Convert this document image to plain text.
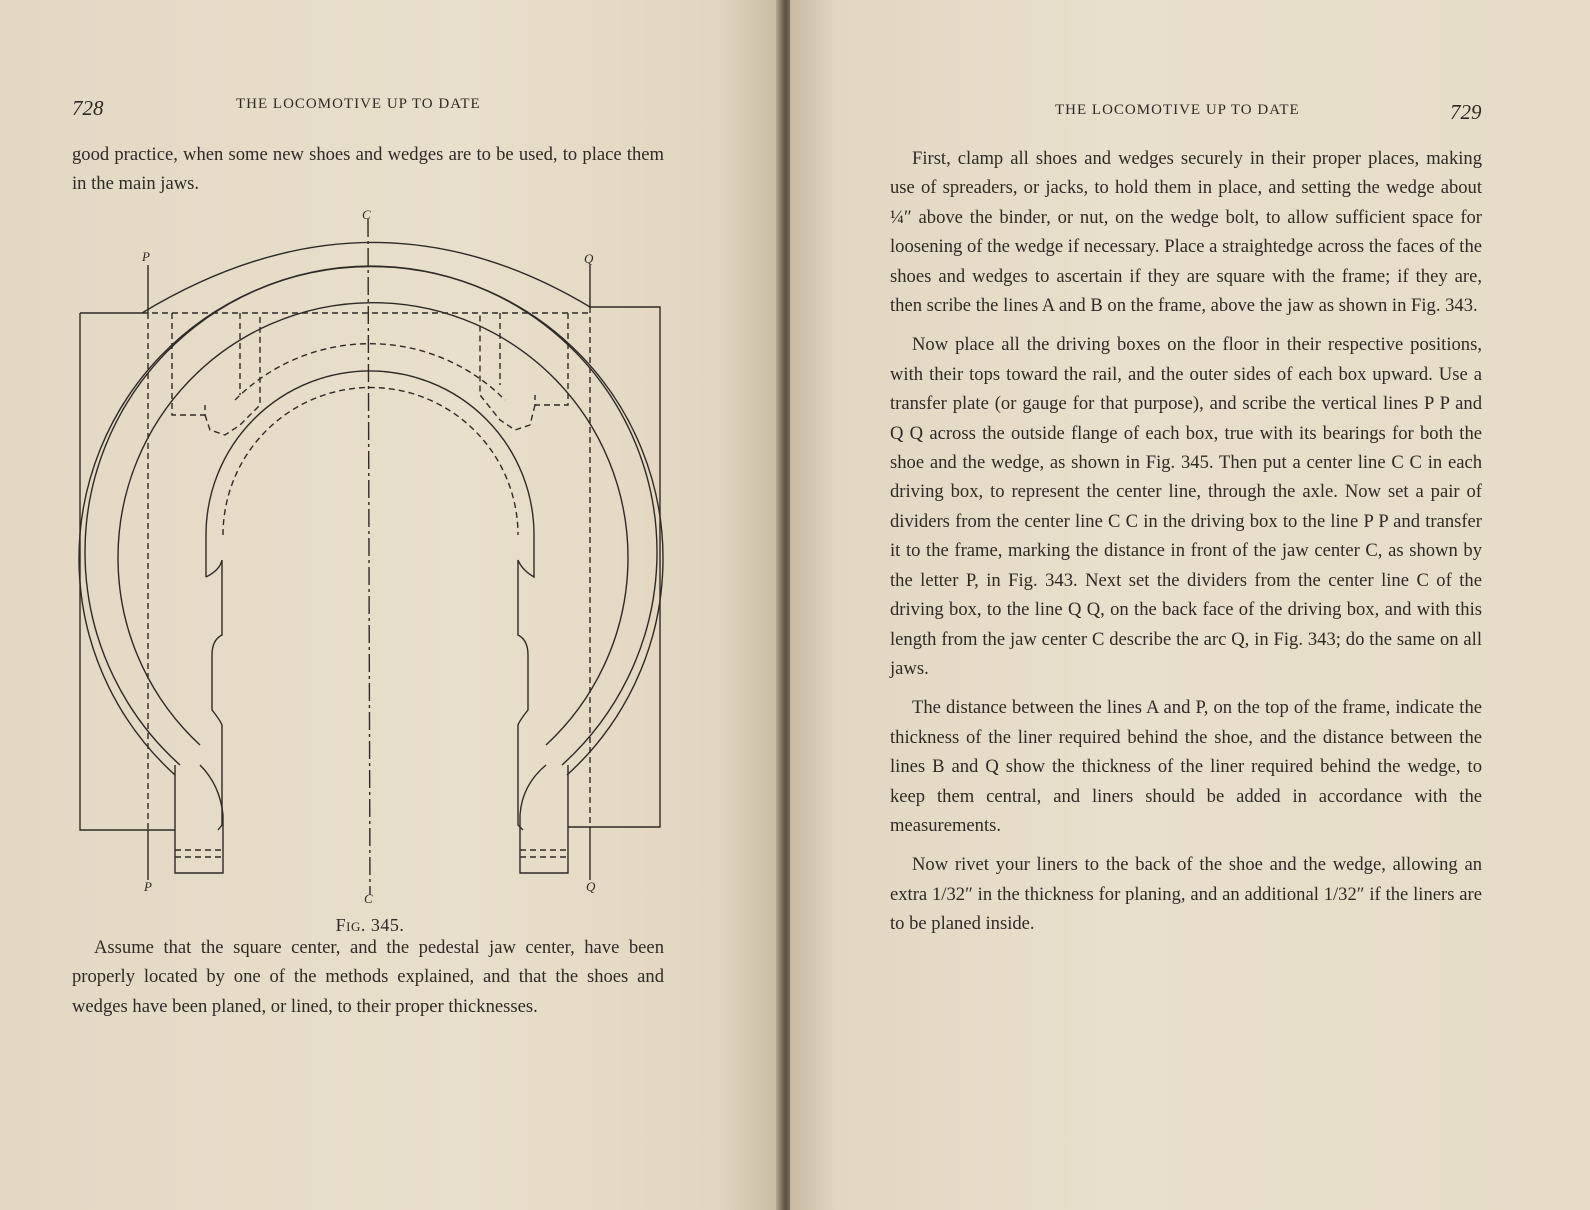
728	THE LOCOMOTIVE UP TO DATE

good practice, when some new shoes and wedges are to be used, to place them in the main jaws.

C
C
P
P
Q
Q
Fig. 345.

Assume that the square center, and the pedestal jaw center, have been properly located by one of the methods explained, and that the shoes and wedges have been planed, or lined, to their proper thicknesses.

THE LOCOMOTIVE UP TO DATE	729

First, clamp all shoes and wedges securely in their proper places, making use of spreaders, or jacks, to hold them in place, and setting the wedge about ¼″ above the binder, or nut, on the wedge bolt, to allow sufficient space for loosening of the wedge if necessary. Place a straightedge across the faces of the shoes and wedges to ascertain if they are square with the frame; if they are, then scribe the lines A and B on the frame, above the jaw as shown in Fig. 343.

Now place all the driving boxes on the floor in their respective positions, with their tops toward the rail, and the outer sides of each box upward. Use a transfer plate (or gauge for that purpose), and scribe the vertical lines P P and Q Q across the outside flange of each box, true with its bearings for both the shoe and the wedge, as shown in Fig. 345. Then put a center line C C in each driving box, to represent the center line, through the axle. Now set a pair of dividers from the center line C C in the driving box to the line P P and transfer it to the frame, marking the distance in front of the jaw center C, as shown by the letter P, in Fig. 343. Next set the dividers from the center line C of the driving box, to the line Q Q, on the back face of the driving box, and with this length from the jaw center C describe the arc Q, in Fig. 343; do the same on all jaws.

The distance between the lines A and P, on the top of the frame, indicate the thickness of the liner required behind the shoe, and the distance between the lines B and Q show the thickness of the liner required behind the wedge, to keep them central, and liners should be added in accordance with the measurements.

Now rivet your liners to the back of the shoe and the wedge, allowing an extra 1/32″ in the thickness for planing, and an additional 1/32″ if the liners are to be planed inside.
